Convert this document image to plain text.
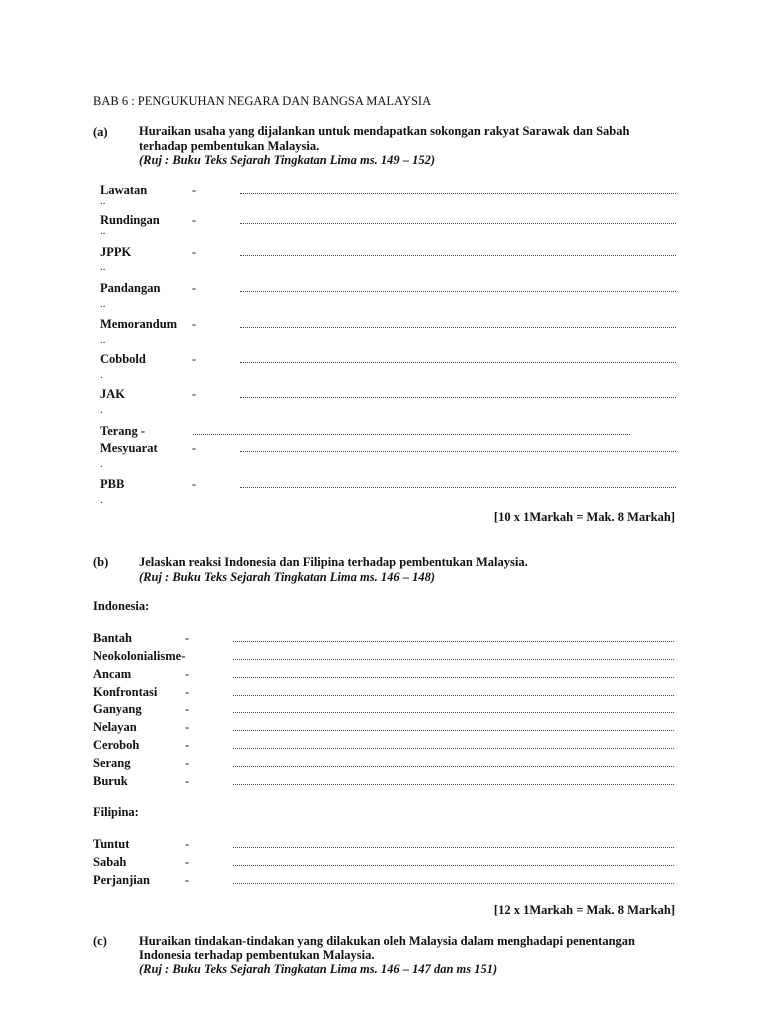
BAB 6 : PENGUKUHAN NEGARA DAN BANGSA MALAYSIA
(a)	Huraikan usaha yang dijalankan untuk mendapatkan sokongan rakyat Sarawak dan Sabah
terhadap pembentukan Malaysia.
(Ruj : Buku Teks Sejarah Tingkatan Lima ms. 149 – 152)
Lawatan	-
..
Rundingan	-
..
JPPK	-
..
Pandangan	-
..
Memorandum -
..
Cobbold	-
.
JAK	-
.
Terang -
Mesyuarat	-
.
PBB	-
.
[10 x 1Markah = Mak. 8 Markah]
(b) Jelaskan reaksi Indonesia dan Filipina terhadap pembentukan Malaysia.
(Ruj : Buku Teks Sejarah Tingkatan Lima ms. 146 – 148)
Indonesia:
Bantah	-
Neokolonialisme-
Ancam	-
Konfrontasi -
Ganyang	-
Nelayan	-
Ceroboh	-
Serang	-
Buruk	-
Filipina:
Tuntut	-
Sabah	-
Perjanjian	-
[12 x 1Markah = Mak. 8 Markah]
(c)	Huraikan tindakan-tindakan yang dilakukan oleh Malaysia dalam menghadapi penentangan
Indonesia terhadap pembentukan Malaysia.
(Ruj : Buku Teks Sejarah Tingkatan Lima ms. 146 – 147 dan ms 151)
